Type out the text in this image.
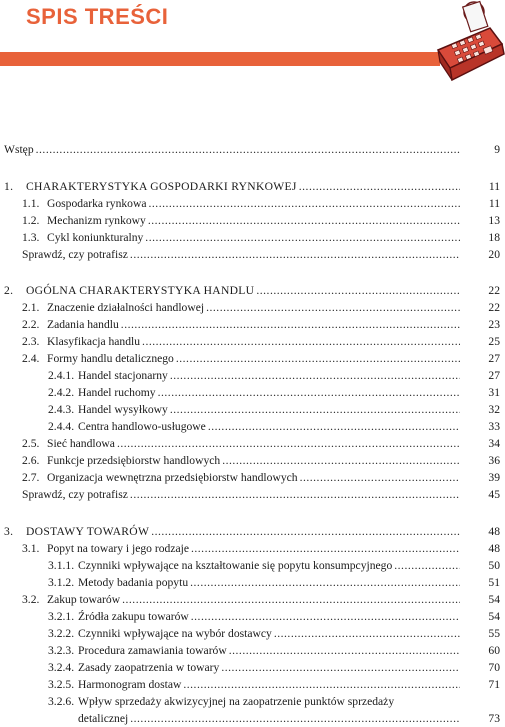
SPIS TREŚCI
Wstęp .....	9
1.	CHARAKTERYSTYKA GOSPODARKI RYNKOWEJ .....	11
1.1. Gospodarka rynkowa .....	11
1.2. Mechanizm rynkowy .....	13
1.3. Cykl koniunkturalny .....	18
Sprawdź, czy potrafisz .....	20
2.	OGÓLNA CHARAKTERYSTYKA HANDLU .....	22
2.1. Znaczenie działalności handlowej .....	22
2.2. Zadania handlu .....	23
2.3. Klasyfikacja handlu .....	25
2.4. Formy handlu detalicznego .....	27
2.4.1. Handel stacjonarny .....	27
2.4.2. Handel ruchomy .....	31
2.4.3. Handel wysyłkowy .....	32
2.4.4. Centra handlowo-usługowe .....	33
2.5. Sieć handlowa .....	34
2.6. Funkcje przedsiębiorstw handlowych .....	36
2.7. Organizacja wewnętrzna przedsiębiorstw handlowych .....	39
Sprawdź, czy potrafisz .....	45
3.	DOSTAWY TOWARÓW .....	48
3.1. Popyt na towary i jego rodzaje .....	48
3.1.1. Czynniki wpływające na kształtowanie się popytu konsumpcyjnego .....	50
3.1.2. Metody badania popytu .....	51
3.2. Zakup towarów .....	54
3.2.1. Źródła zakupu towarów .....	54
3.2.2. Czynniki wpływające na wybór dostawcy .....	55
3.2.3. Procedura zamawiania towarów .....	60
3.2.4. Zasady zaopatrzenia w towary .....	70
3.2.5. Harmonogram dostaw .....	71
3.2.6. Wpływ sprzedaży akwizycyjnej na zaopatrzenie punktów sprzedaży
detalicznej .....	73
